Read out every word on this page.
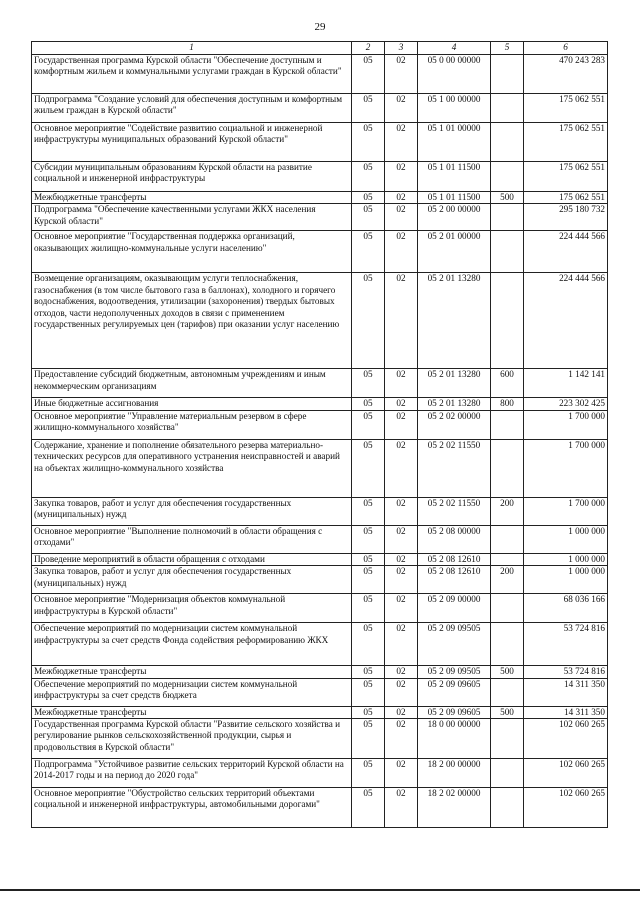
29
1	2	3	4	5	6
Государственная программа Курской области "Обеспечение доступным и комфортным жильем и коммунальными услугами граждан в Курской области"	05	02	05 0 00 00000		470 243 283
Подпрограмма "Создание условий для обеспечения доступным и комфортным жильем граждан в Курской области"	05	02	05 1 00 00000		175 062 551
Основное мероприятие "Содействие развитию социальной и инженерной инфраструктуры муниципальных образований Курской области"	05	02	05 1 01 00000		175 062 551
Субсидии муниципальным образованиям Курской области на развитие социальной и инженерной инфраструктуры	05	02	05 1 01 11500		175 062 551
Межбюджетные трансферты	05	02	05 1 01 11500	500	175 062 551
Подпрограмма "Обеспечение качественными услугами ЖКХ населения Курской области"	05	02	05 2 00 00000		295 180 732
Основное мероприятие "Государственная поддержка организаций, оказывающих жилищно-коммунальные услуги населению"	05	02	05 2 01 00000		224 444 566
Возмещение организациям, оказывающим услуги теплоснабжения, газоснабжения (в том числе бытового газа в баллонах), холодного и горячего водоснабжения, водоотведения, утилизации (захоронения) твердых бытовых отходов, части недополученных доходов в связи с применением государственных регулируемых цен (тарифов) при оказании услуг населению	05	02	05 2 01 13280		224 444 566
Предоставление субсидий бюджетным, автономным учреждениям и иным некоммерческим организациям	05	02	05 2 01 13280	600	1 142 141
Иные бюджетные ассигнования	05	02	05 2 01 13280	800	223 302 425
Основное мероприятие "Управление материальным резервом в сфере жилищно-коммунального хозяйства"	05	02	05 2 02 00000		1 700 000
Содержание, хранение и пополнение обязательного резерва материально-технических ресурсов для оперативного устранения неисправностей и аварий на объектах жилищно-коммунального хозяйства	05	02	05 2 02 11550		1 700 000
Закупка товаров, работ и услуг для обеспечения государственных (муниципальных) нужд	05	02	05 2 02 11550	200	1 700 000
Основное мероприятие "Выполнение полномочий в области обращения с отходами"	05	02	05 2 08 00000		1 000 000
Проведение мероприятий в области обращения с отходами	05	02	05 2 08 12610		1 000 000
Закупка товаров, работ и услуг для обеспечения государственных (муниципальных) нужд	05	02	05 2 08 12610	200	1 000 000
Основное мероприятие "Модернизация объектов коммунальной инфраструктуры в Курской области"	05	02	05 2 09 00000		68 036 166
Обеспечение мероприятий по модернизации систем коммунальной инфраструктуры за счет средств Фонда содействия реформированию ЖКХ	05	02	05 2 09 09505		53 724 816
Межбюджетные трансферты	05	02	05 2 09 09505	500	53 724 816
Обеспечение мероприятий по модернизации систем коммунальной инфраструктуры за счет средств бюджета	05	02	05 2 09 09605		14 311 350
Межбюджетные трансферты	05	02	05 2 09 09605	500	14 311 350
Государственная программа Курской области "Развитие сельского хозяйства и регулирование рынков сельскохозяйственной продукции, сырья и продовольствия в Курской области"	05	02	18 0 00 00000		102 060 265
Подпрограмма "Устойчивое развитие сельских территорий Курской области на 2014-2017 годы и на период до 2020 года"	05	02	18 2 00 00000		102 060 265
Основное мероприятие "Обустройство сельских территорий объектами социальной и инженерной инфраструктуры, автомобильными дорогами"	05	02	18 2 02 00000		102 060 265
